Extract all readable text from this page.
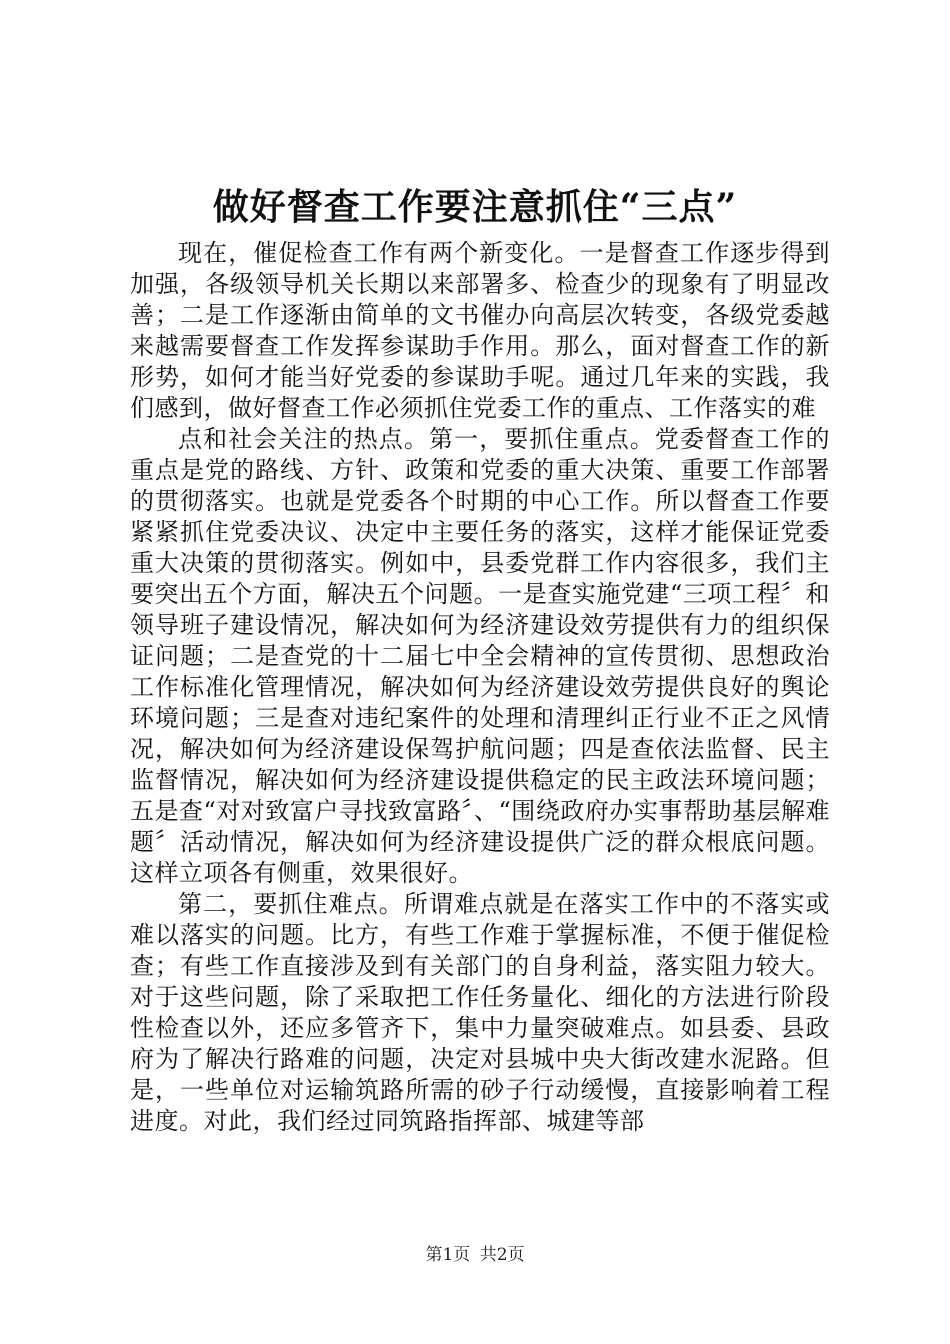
做好督查工作要注意抓住“三点”

现在，催促检查工作有两个新变化。一是督查工作逐步得到加强，各级领导机关长期以来部署多、检查少的现象有了明显改善；二是工作逐渐由简单的文书催办向高层次转变，各级党委越来越需要督查工作发挥参谋助手作用。那么，面对督查工作的新形势，如何才能当好党委的参谋助手呢。通过几年来的实践，我们感到，做好督查工作必须抓住党委工作的重点、工作落实的难

点和社会关注的热点。第一，要抓住重点。党委督查工作的重点是党的路线、方针、政策和党委的重大决策、重要工作部署的贯彻落实。也就是党委各个时期的中心工作。所以督查工作要紧紧抓住党委决议、决定中主要任务的落实，这样才能保证党委重大决策的贯彻落实。例如中，县委党群工作内容很多，我们主要突出五个方面，解决五个问题。一是查实施党建“三项工程〞和领导班子建设情况，解决如何为经济建设效劳提供有力的组织保证问题；二是查党的十二届七中全会精神的宣传贯彻、思想政治工作标准化管理情况，解决如何为经济建设效劳提供良好的舆论环境问题；三是查对违纪案件的处理和清理纠正行业不正之风情况，解决如何为经济建设保驾护航问题；四是查依法监督、民主监督情况，解决如何为经济建设提供稳定的民主政法环境问题；五是查“对对致富户寻找致富路〞、“围绕政府办实事帮助基层解难题〞活动情况，解决如何为经济建设提供广泛的群众根底问题。这样立项各有侧重，效果很好。

第二，要抓住难点。所谓难点就是在落实工作中的不落实或难以落实的问题。比方，有些工作难于掌握标准，不便于催促检查；有些工作直接涉及到有关部门的自身利益，落实阻力较大。对于这些问题，除了采取把工作任务量化、细化的方法进行阶段性检查以外，还应多管齐下，集中力量突破难点。如县委、县政府为了解决行路难的问题，决定对县城中央大街改建水泥路。但是，一些单位对运输筑路所需的砂子行动缓慢，直接影响着工程进度。对此，我们经过同筑路指挥部、城建等部

第1页 共2页
